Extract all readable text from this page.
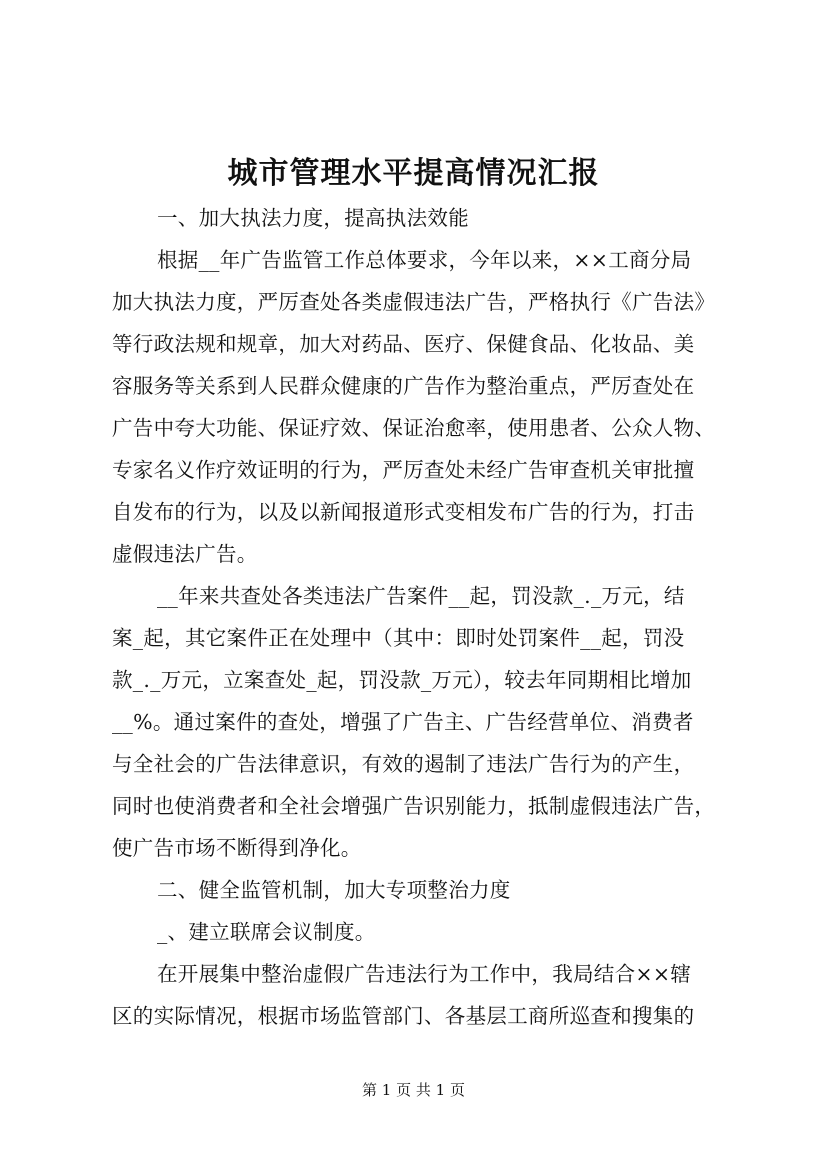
城市管理水平提高情况汇报
一、加大执法力度，提高执法效能
根据__年广告监管工作总体要求，今年以来，××工商分局
加大执法力度，严厉查处各类虚假违法广告，严格执行《广告法》
等行政法规和规章，加大对药品、医疗、保健食品、化妆品、美
容服务等关系到人民群众健康的广告作为整治重点，严厉查处在
广告中夸大功能、保证疗效、保证治愈率，使用患者、公众人物、
专家名义作疗效证明的行为，严厉查处未经广告审查机关审批擅
自发布的行为，以及以新闻报道形式变相发布广告的行为，打击
虚假违法广告。
__年来共查处各类违法广告案件__起，罚没款_._万元，结
案_起，其它案件正在处理中（其中：即时处罚案件__起，罚没
款_._万元，立案查处_起，罚没款_万元），较去年同期相比增加
__%。通过案件的查处，增强了广告主、广告经营单位、消费者
与全社会的广告法律意识，有效的遏制了违法广告行为的产生，
同时也使消费者和全社会增强广告识别能力，抵制虚假违法广告，
使广告市场不断得到净化。
二、健全监管机制，加大专项整治力度
_、建立联席会议制度。
在开展集中整治虚假广告违法行为工作中，我局结合××辖
区的实际情况，根据市场监管部门、各基层工商所巡查和搜集的
第 1 页 共 1 页
